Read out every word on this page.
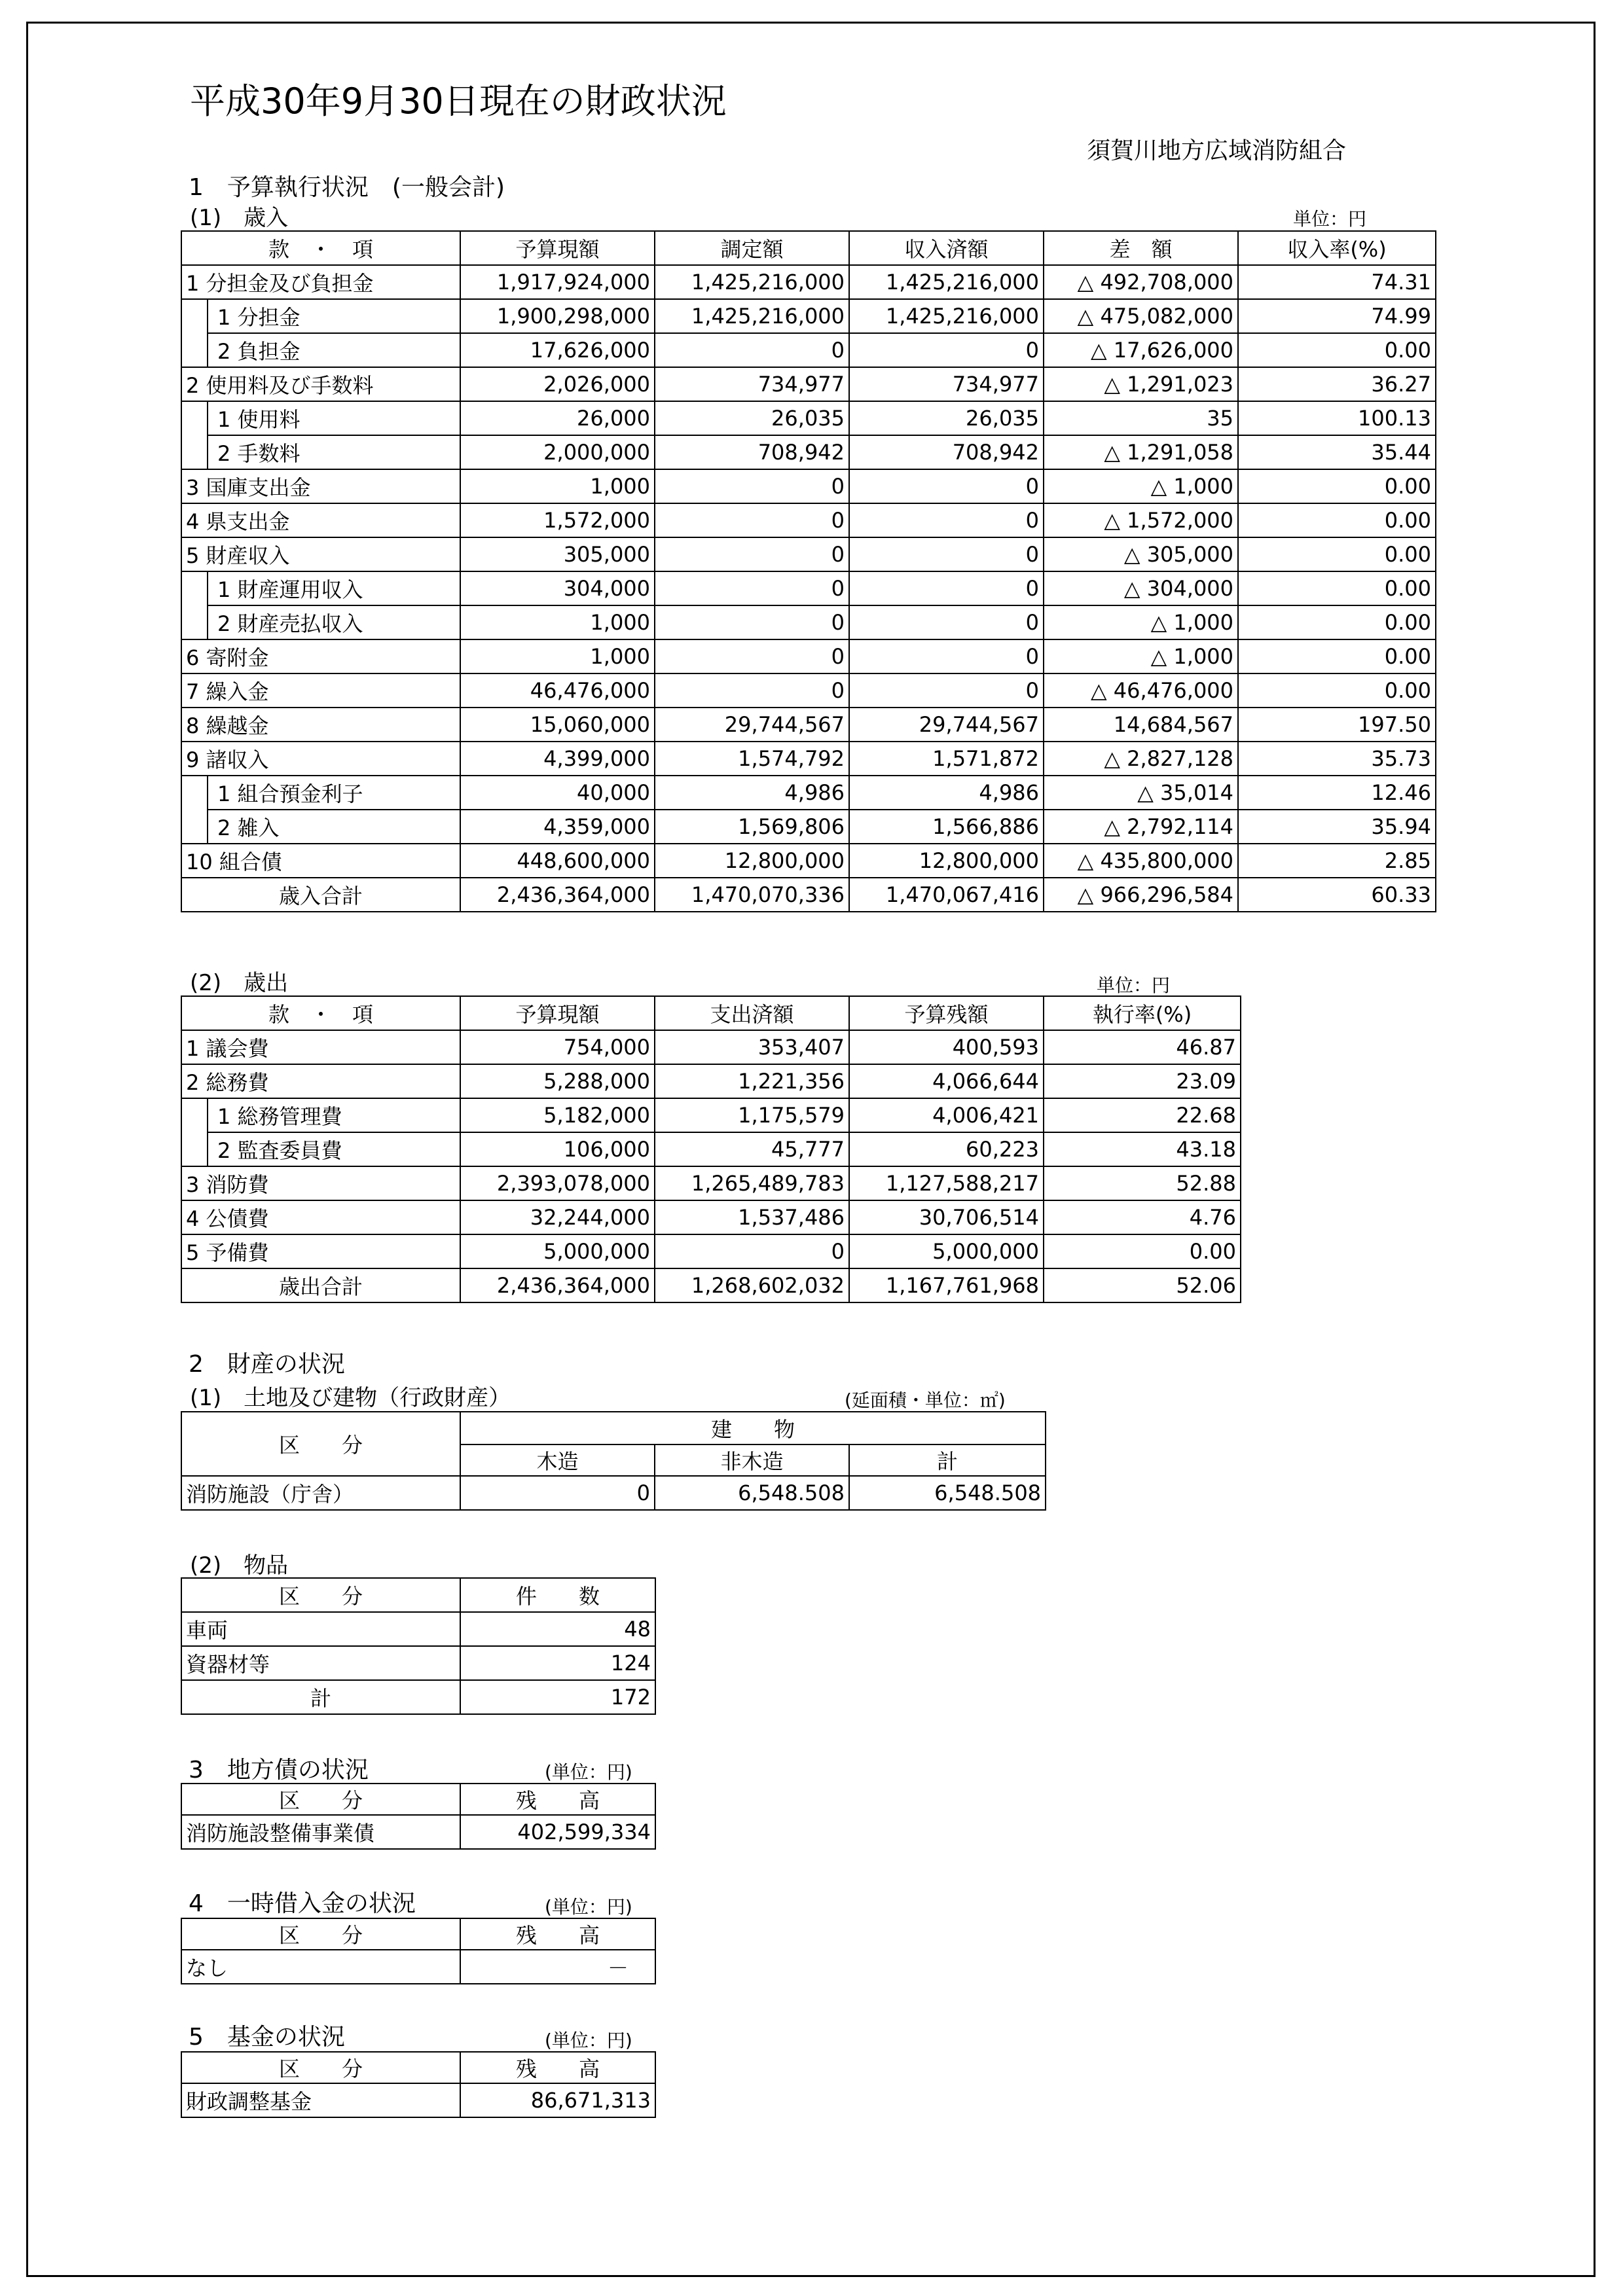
平成30年9月30日現在の財政状況
須賀川地方広域消防組合
1　予算執行状況　(一般会計)
(1)　歳入	単位：円
款　・　項		予算現額	調定額	収入済額	差　額	収入率(%)
1 分担金及び負担金		1,917,924,000	1,425,216,000	1,425,216,000	△ 492,708,000	74.31
	1 分担金	1,900,298,000	1,425,216,000	1,425,216,000	△ 475,082,000	74.99
	2 負担金	17,626,000	0	0	△ 17,626,000	0.00
2 使用料及び手数料		2,026,000	734,977	734,977	△ 1,291,023	36.27
	1 使用料	26,000	26,035	26,035	35	100.13
	2 手数料	2,000,000	708,942	708,942	△ 1,291,058	35.44
3 国庫支出金		1,000	0	0	△ 1,000	0.00
4 県支出金		1,572,000	0	0	△ 1,572,000	0.00
5 財産収入		305,000	0	0	△ 305,000	0.00
	1 財産運用収入	304,000	0	0	△ 304,000	0.00
	2 財産売払収入	1,000	0	0	△ 1,000	0.00
6 寄附金		1,000	0	0	△ 1,000	0.00
7 繰入金		46,476,000	0	0	△ 46,476,000	0.00
8 繰越金		15,060,000	29,744,567	29,744,567	14,684,567	197.50
9 諸収入		4,399,000	1,574,792	1,571,872	△ 2,827,128	35.73
	1 組合預金利子	40,000	4,986	4,986	△ 35,014	12.46
	2 雑入	4,359,000	1,569,806	1,566,886	△ 2,792,114	35.94
10 組合債		448,600,000	12,800,000	12,800,000	△ 435,800,000	2.85
歳入合計		2,436,364,000	1,470,070,336	1,470,067,416	△ 966,296,584	60.33
(2)　歳出	単位：円
款　・　項		予算現額	支出済額	予算残額	執行率(%)
1 議会費		754,000	353,407	400,593	46.87
2 総務費		5,288,000	1,221,356	4,066,644	23.09
	1 総務管理費	5,182,000	1,175,579	4,006,421	22.68
	2 監査委員費	106,000	45,777	60,223	43.18
3 消防費		2,393,078,000	1,265,489,783	1,127,588,217	52.88
4 公債費		32,244,000	1,537,486	30,706,514	4.76
5 予備費		5,000,000	0	5,000,000	0.00
歳出合計		2,436,364,000	1,268,602,032	1,167,761,968	52.06
2　財産の状況
(1)　土地及び建物（行政財産）	(延面積・単位：㎡)
区　　分	建　　物		
	木造	非木造	計
消防施設（庁舎）	0	6,548.508	6,548.508
(2)　物品
区　　分	件　　数
車両	48
資器材等	124
計	172
3　地方債の状況	(単位：円)
区　　分	残　　高
消防施設整備事業債	402,599,334
4　一時借入金の状況	(単位：円)
区　　分	残　　高
なし	－
5　基金の状況	(単位：円)
区　　分	残　　高
財政調整基金	86,671,313
